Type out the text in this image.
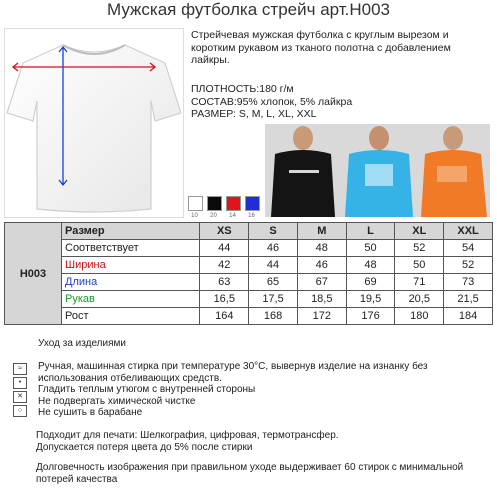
Мужская футболка стрейч арт.Н003
Стрейчевая мужская футболка с круглым вырезом и коротким рукавом из тканого полотна с добавлением лайкры.
ПЛОТНОСТЬ:180 г/м
СОСТАВ:95% хлопок, 5% лайкра
РАЗМЕР: S, M, L, XL, XXL
10	20	14	16
Н003	Размер	XS	S	M	L	XL	XXL
	Соответствует	44	46	48	50	52	54
	Ширина	42	44	46	48	50	52
	Длина	63	65	67	69	71	73
	Рукав	16,5	17,5	18,5	19,5	20,5	21,5
	Рост	164	168	172	176	180	184
Уход за изделиями
≈
•
✕
○
Ручная, машинная стирка при температуре 30°С, вывернув изделие на изнанку без использования отбеливающих средств.
Гладить теплым утюгом с внутренней стороны
Не подвергать химической чистке
Не сушить в барабане
Подходит для печати: Шелкография, цифровая, термотрансфер.
Допускается потеря цвета до 5% после стирки
Долговечность изображения при правильном уходе выдерживает 60 стирок с минимальной потерей качества
